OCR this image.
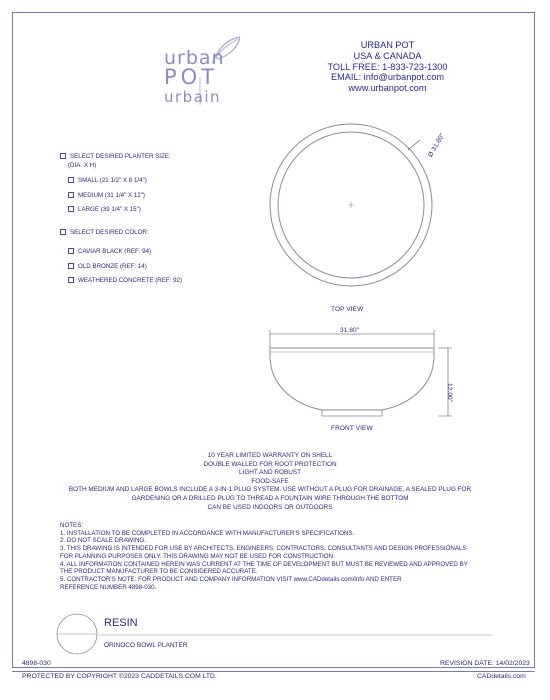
urban
POT
urbain
URBAN POT
USA & CANADA
TOLL FREE: 1-833-723-1300
EMAIL: info@urbanpot.com
www.urbanpot.com
SELECT DESIRED PLANTER SIZE:
(DIA. X H)
SMALL (21 1/2" X 8 1/4")
MEDIUM (31 1/4" X 12")
LARGE (39 1/4" X 15")
SELECT DESIRED COLOR:
CAVIAR BLACK (REF: 94)
OLD BRONZE (REF: 14)
WEATHERED CONCRETE (REF: 92)
Ø 31.80"
TOP VIEW
31.80"
12.00"
FRONT VIEW
10 YEAR LIMITED WARRANTY ON SHELL
DOUBLE WALLED FOR ROOT PROTECTION
LIGHT AND ROBUST
FOOD-SAFE
BOTH MEDIUM AND LARGE BOWLS INCLUDE A 3-IN-1 PLUG SYSTEM. USE WITHOUT A PLUG FOR DRAINAGE, A SEALED PLUG FOR
GARDENING OR A DRILLED PLUG TO THREAD A FOUNTAIN WIRE THROUGH THE BOTTOM
CAN BE USED INDOORS OR OUTDOORS
NOTES:
1. INSTALLATION TO BE COMPLETED IN ACCORDANCE WITH MANUFACTURER'S SPECIFICATIONS.
2. DO NOT SCALE DRAWING.
3. THIS DRAWING IS INTENDED FOR USE BY ARCHITECTS, ENGINEERS, CONTRACTORS, CONSULTANTS AND DESIGN PROFESSIONALS
FOR PLANNING PURPOSES ONLY. THIS DRAWING MAY NOT BE USED FOR CONSTRUCTION.
4. ALL INFORMATION CONTAINED HEREIN WAS CURRENT AT THE TIME OF DEVELOPMENT BUT MUST BE REVIEWED AND APPROVED BY
THE PRODUCT MANUFACTURER TO BE CONSIDERED ACCURATE.
5. CONTRACTOR'S NOTE: FOR PRODUCT AND COMPANY INFORMATION VISIT www.CADdetails.com/info AND ENTER
REFERENCE NUMBER 4898-030.
RESIN
ORINOCO BOWL PLANTER
4898-030	REVISION DATE: 14/02/2023
PROTECTED BY COPYRIGHT ©2023 CADDETAILS.COM LTD.	CADdetails.com
